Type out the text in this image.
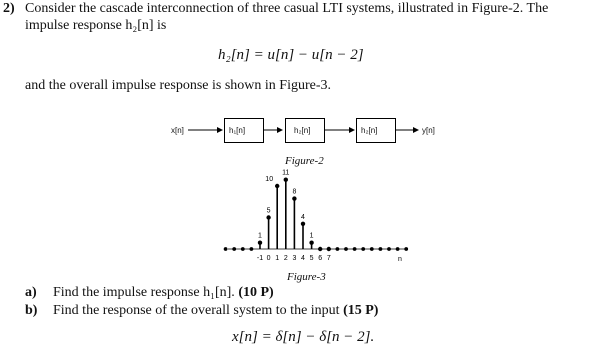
2) Consider the cascade interconnection of three casual LTI systems, illustrated in Figure-2. The
impulse response h₂[n] is
h₂[n] = u[n] − u[n − 2]
and the overall impulse response is shown in Figure-3.
x[n]	h₁[n]	h₂[n]	h₂[n]	y[n]
Figure-2
1
-1
5
0
10
1
11
2
8
3
4
4
1
5 6 7	n
Figure-3
a) Find the impulse response h₁[n]. (10 P)
b) Find the response of the overall system to the input (15 P)
x[n] = δ[n] − δ[n − 2].
